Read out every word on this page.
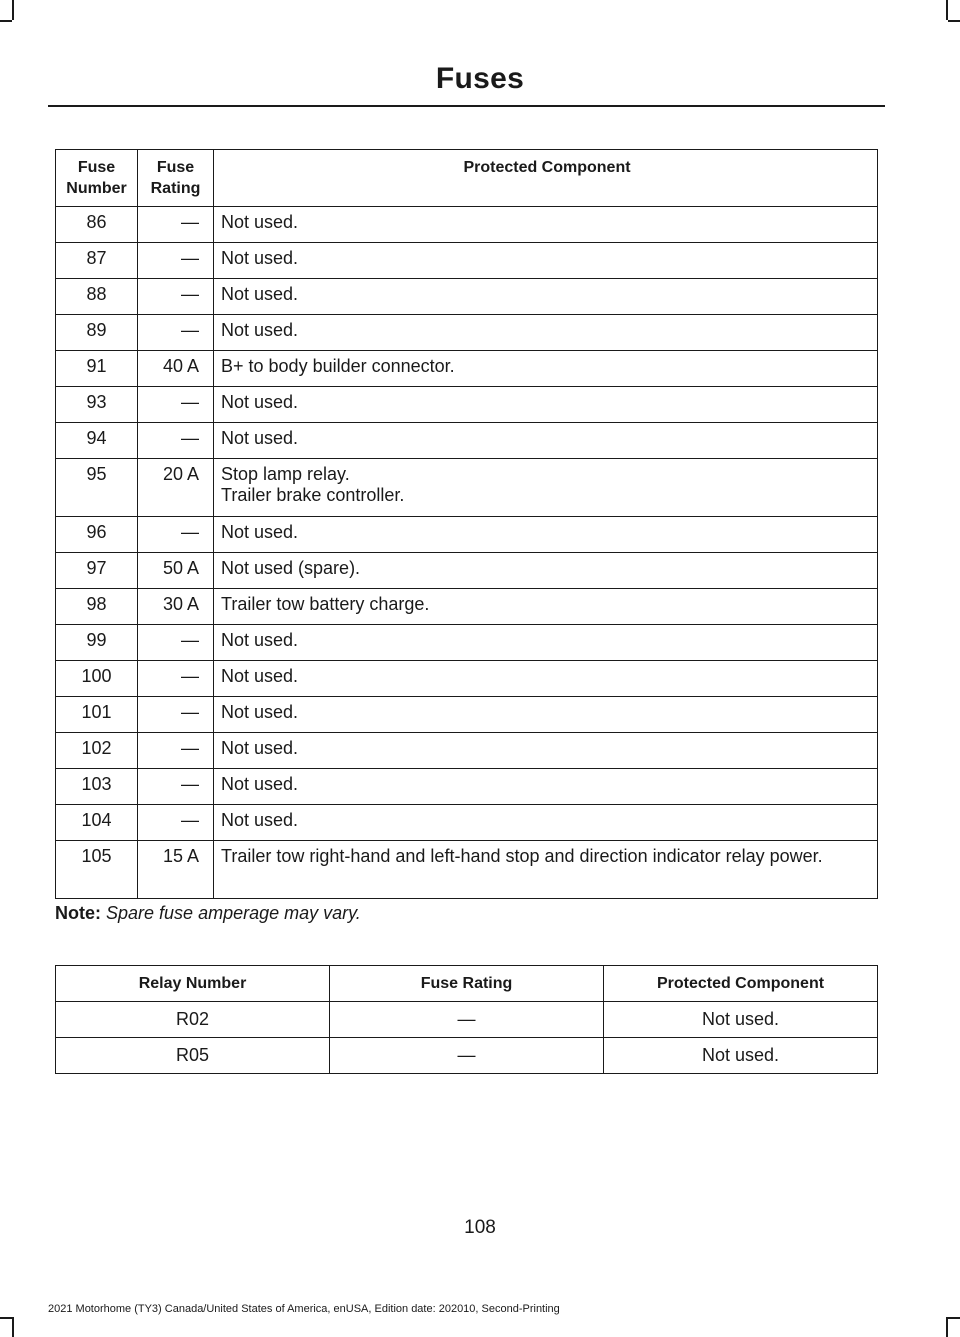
Fuses
Fuse Number	Fuse Rating	Protected Component
86	—	Not used.

87	—	Not used.

88	—	Not used.

89	—	Not used.

91	40 A	B+ to body builder connector.

93	—	Not used.

94	—	Not used.

95	20 A	Stop lamp relay.
Trailer brake controller.

96	—	Not used.

97	50 A	Not used (spare).

98	30 A	Trailer tow battery charge.

99	—	Not used.

100	—	Not used.

101	—	Not used.

102	—	Not used.

103	—	Not used.

104	—	Not used.

105	15 A	Trailer tow right-hand and left-hand stop and direction indicator relay power.
Note: Spare fuse amperage may vary.
Relay Number	Fuse Rating	Protected Component
R02	—	Not used.
R05	—	Not used.
108
2021 Motorhome (TY3) Canada/United States of America, enUSA, Edition date: 202010, Second-Printing
